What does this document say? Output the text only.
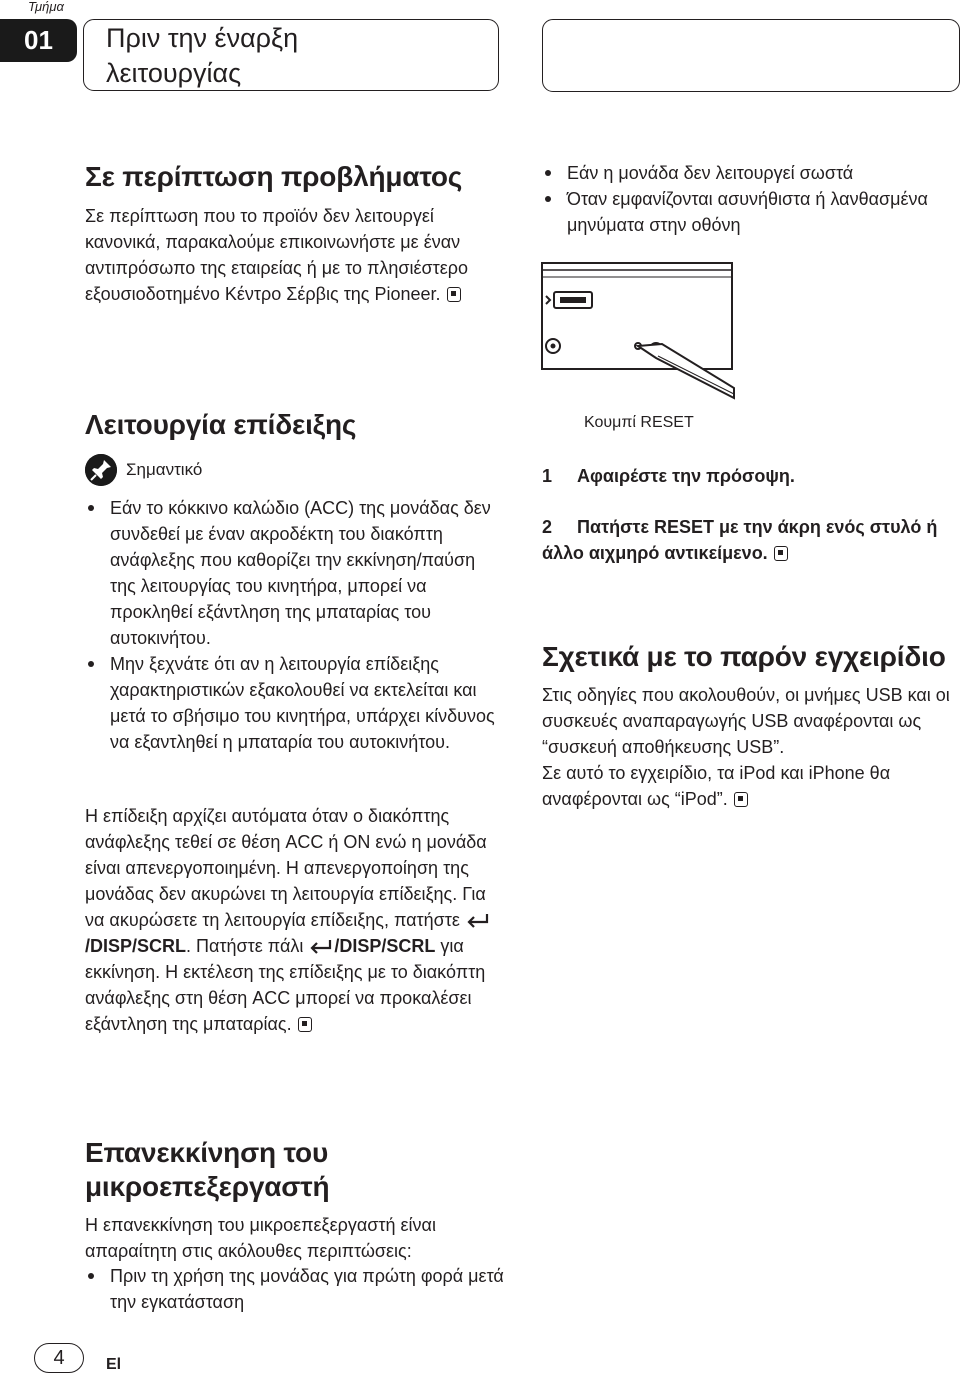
Τμήμα
01	Πριν την έναρξη
λειτουργίας
Σε περίπτωση προβλήματος
Σε περίπτωση που το προϊόν δεν λειτουργεί κανονικά, παρακαλούμε επικοινωνήστε με έναν αντιπρόσωπο της εταιρείας ή με το πλησιέστερο εξουσιοδοτημένο Κέντρο Σέρβις της Pioneer.
Λειτουργία επίδειξης
Σημαντικό
Εάν το κόκκινο καλώδιο (ACC) της μονάδας δεν συνδεθεί με έναν ακροδέκτη του διακόπτη ανάφλεξης που καθορίζει την εκκίνηση/παύση της λειτουργίας του κινητήρα, μπορεί να προκληθεί εξάντληση της μπαταρίας του αυτοκινήτου.
Μην ξεχνάτε ότι αν η λειτουργία επίδειξης χαρακτηριστικών εξακολουθεί να εκτελείται και μετά το σβήσιμο του κινητήρα, υπάρχει κίνδυνος να εξαντληθεί η μπαταρία του αυτοκινήτου.
Η επίδειξη αρχίζει αυτόματα όταν ο διακόπτης ανάφλεξης τεθεί σε θέση ACC ή ON ενώ η μονάδα είναι απενεργοποιημένη. Η απενεργοποίηση της μονάδας δεν ακυρώνει τη λειτουργία επίδειξης. Για να ακυρώσετε τη λειτουργία επίδειξης, πατήστε /DISP/SCRL. Πατήστε πάλι /DISP/SCRL για εκκίνηση. Η εκτέλεση της επίδειξης με το διακόπτη ανάφλεξης στη θέση ACC μπορεί να προκαλέσει εξάντληση της μπαταρίας.
Επανεκκίνηση του
μικροεπεξεργαστή
Η επανεκκίνηση του μικροεπεξεργαστή είναι απαραίτητη στις ακόλουθες περιπτώσεις:
Πριν τη χρήση της μονάδας για πρώτη φορά μετά την εγκατάσταση
Εάν η μονάδα δεν λειτουργεί σωστά
Όταν εμφανίζονται ασυνήθιστα ή λανθασμένα μηνύματα στην οθόνη
Κουμπί RESET
1 Αφαιρέστε την πρόσοψη.
2 Πατήστε RESET με την άκρη ενός στυλό ή άλλο αιχμηρό αντικείμενο.
Σχετικά με το παρόν εγχειρίδιο
Στις οδηγίες που ακολουθούν, οι μνήμες USB και οι συσκευές αναπαραγωγής USB αναφέρονται ως “συσκευή αποθήκευσης USB”.
Σε αυτό το εγχειρίδιο, τα iPod και iPhone θα αναφέρονται ως “iPod”.
4	El
